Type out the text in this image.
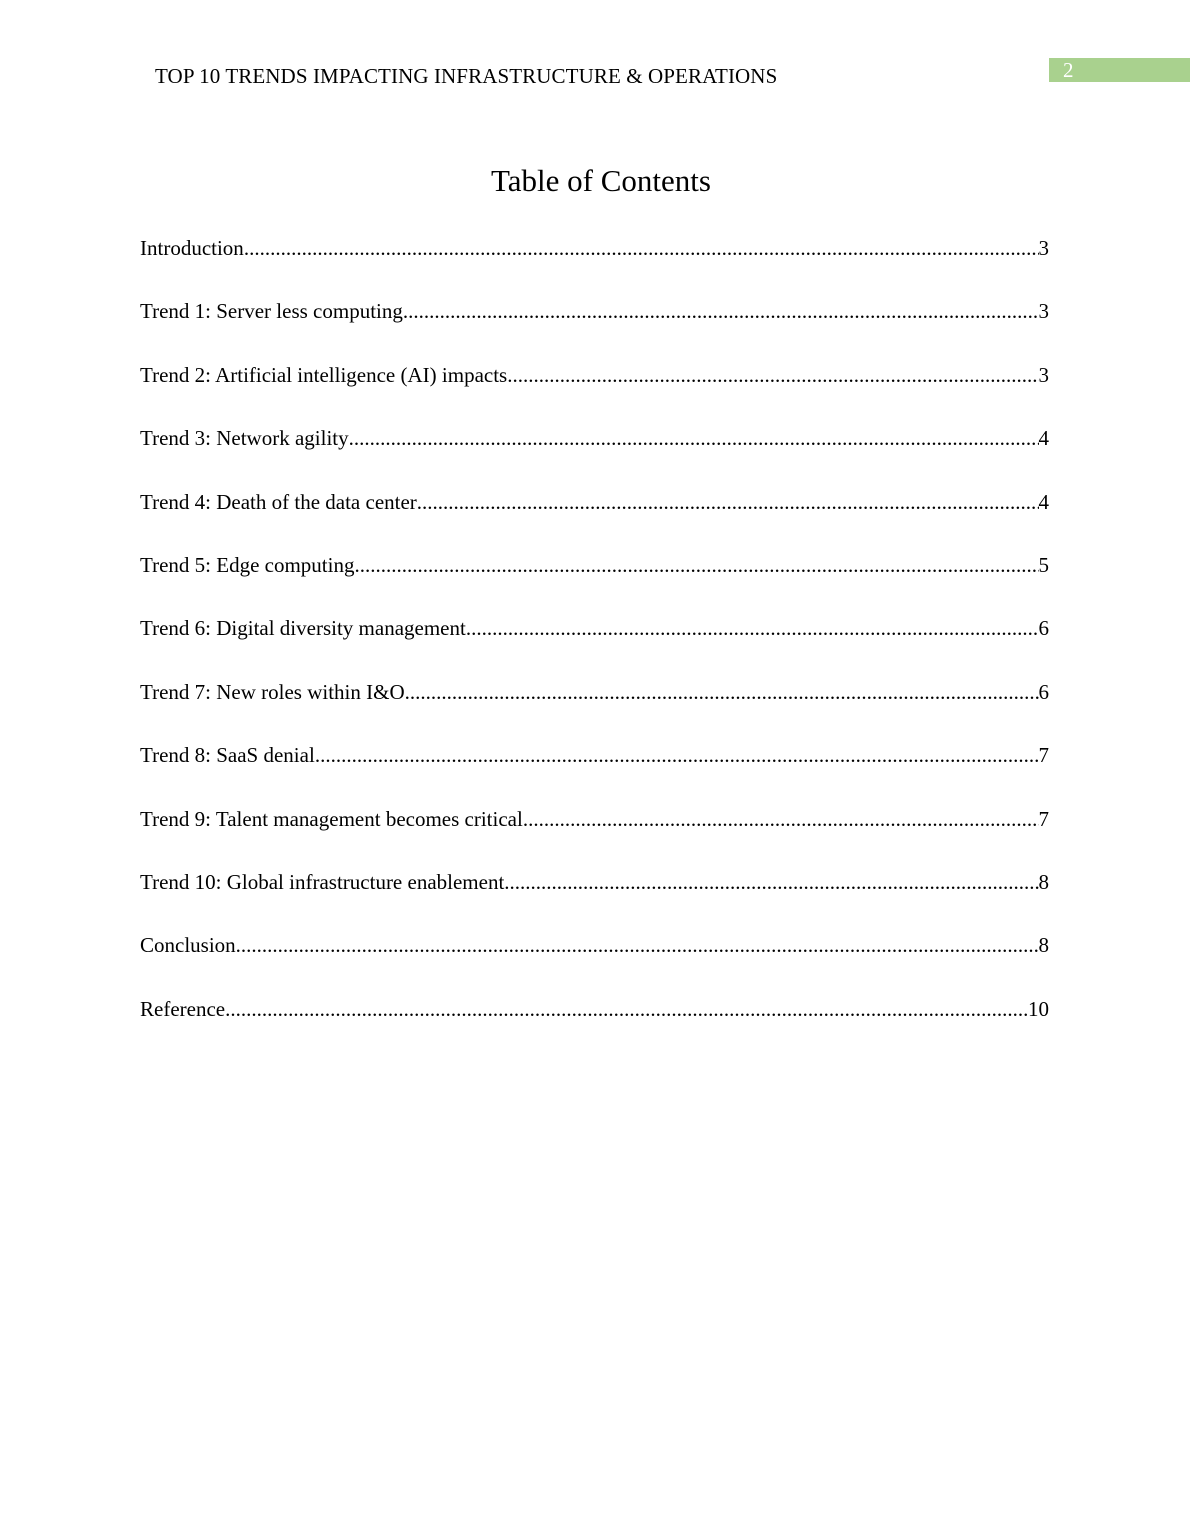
TOP 10 TRENDS IMPACTING INFRASTRUCTURE & OPERATIONS	2
Table of Contents
Introduction .....	3
Trend 1: Server less computing .....	3
Trend 2: Artificial intelligence (AI) impacts .....	3
Trend 3: Network agility .....	4
Trend 4: Death of the data center .....	4
Trend 5: Edge computing .....	5
Trend 6: Digital diversity management .....	6
Trend 7: New roles within I&O .....	6
Trend 8: SaaS denial .....	7
Trend 9: Talent management becomes critical .....	7
Trend 10: Global infrastructure enablement .....	8
Conclusion .....	8
Reference .....	10
